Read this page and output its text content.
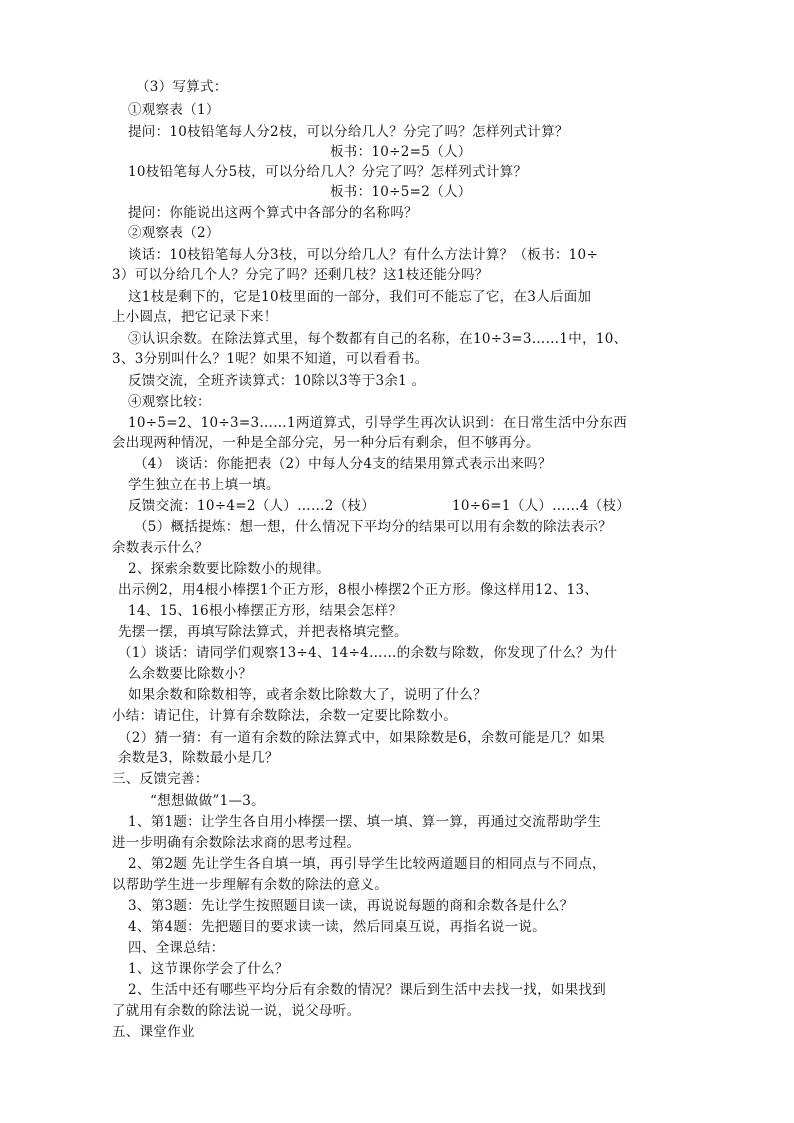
（3）写算式：
①观察表（1）
提问：10枝铅笔每人分2枝，可以分给几人？分完了吗？怎样列式计算？
板书：10÷2=5（人）
10枝铅笔每人分5枝，可以分给几人？分完了吗？怎样列式计算？
板书：10÷5=2（人）
提问：你能说出这两个算式中各部分的名称吗？
②观察表（2）
谈话：10枝铅笔每人分3枝，可以分给几人？有什么方法计算？（板书：10÷
3）可以分给几个人？分完了吗？还剩几枝？这1枝还能分吗？
这1枝是剩下的，它是10枝里面的一部分，我们可不能忘了它，在3人后面加
上小圆点，把它记录下来！
③认识余数。在除法算式里，每个数都有自己的名称，在10÷3=3……1中，10、
3、3分别叫什么？1呢？如果不知道，可以看看书。
反馈交流，全班齐读算式：10除以3等于3余1 。
④观察比较：
10÷5=2、10÷3=3……1两道算式，引导学生再次认识到：在日常生活中分东西
会出现两种情况，一种是全部分完，另一种分后有剩余，但不够再分。
（4） 谈话：你能把表（2）中每人分4支的结果用算式表示出来吗？
学生独立在书上填一填。
反馈交流：10÷4=2（人）……2（枝）	10÷6=1（人）……4（枝）
（5）概括提炼：想一想，什么情况下平均分的结果可以用有余数的除法表示？
余数表示什么？
2、探索余数要比除数小的规律。
出示例2，用4根小棒摆1个正方形，8根小棒摆2个正方形。像这样用12、13、
14、15、16根小棒摆正方形，结果会怎样？
先摆一摆，再填写除法算式，并把表格填完整。
（1）谈话：请同学们观察13÷4、14÷4……的余数与除数，你发现了什么？为什
么余数要比除数小？
如果余数和除数相等，或者余数比除数大了，说明了什么？
小结：请记住，计算有余数除法，余数一定要比除数小。
（2）猜一猜：有一道有余数的除法算式中，如果除数是6，余数可能是几？如果
余数是3，除数最小是几？
三、反馈完善：
“想想做做”1—3。
1、第1题：让学生各自用小棒摆一摆、填一填、算一算，再通过交流帮助学生
进一步明确有余数除法求商的思考过程。
2、第2题 先让学生各自填一填，再引导学生比较两道题目的相同点与不同点，
以帮助学生进一步理解有余数的除法的意义。
3、第3题：先让学生按照题目读一读，再说说每题的商和余数各是什么？
4、第4题：先把题目的要求读一读，然后同桌互说，再指名说一说。
四、全课总结：
1、这节课你学会了什么？
2、生活中还有哪些平均分后有余数的情况？课后到生活中去找一找，如果找到
了就用有余数的除法说一说，说父母听。
五、课堂作业
